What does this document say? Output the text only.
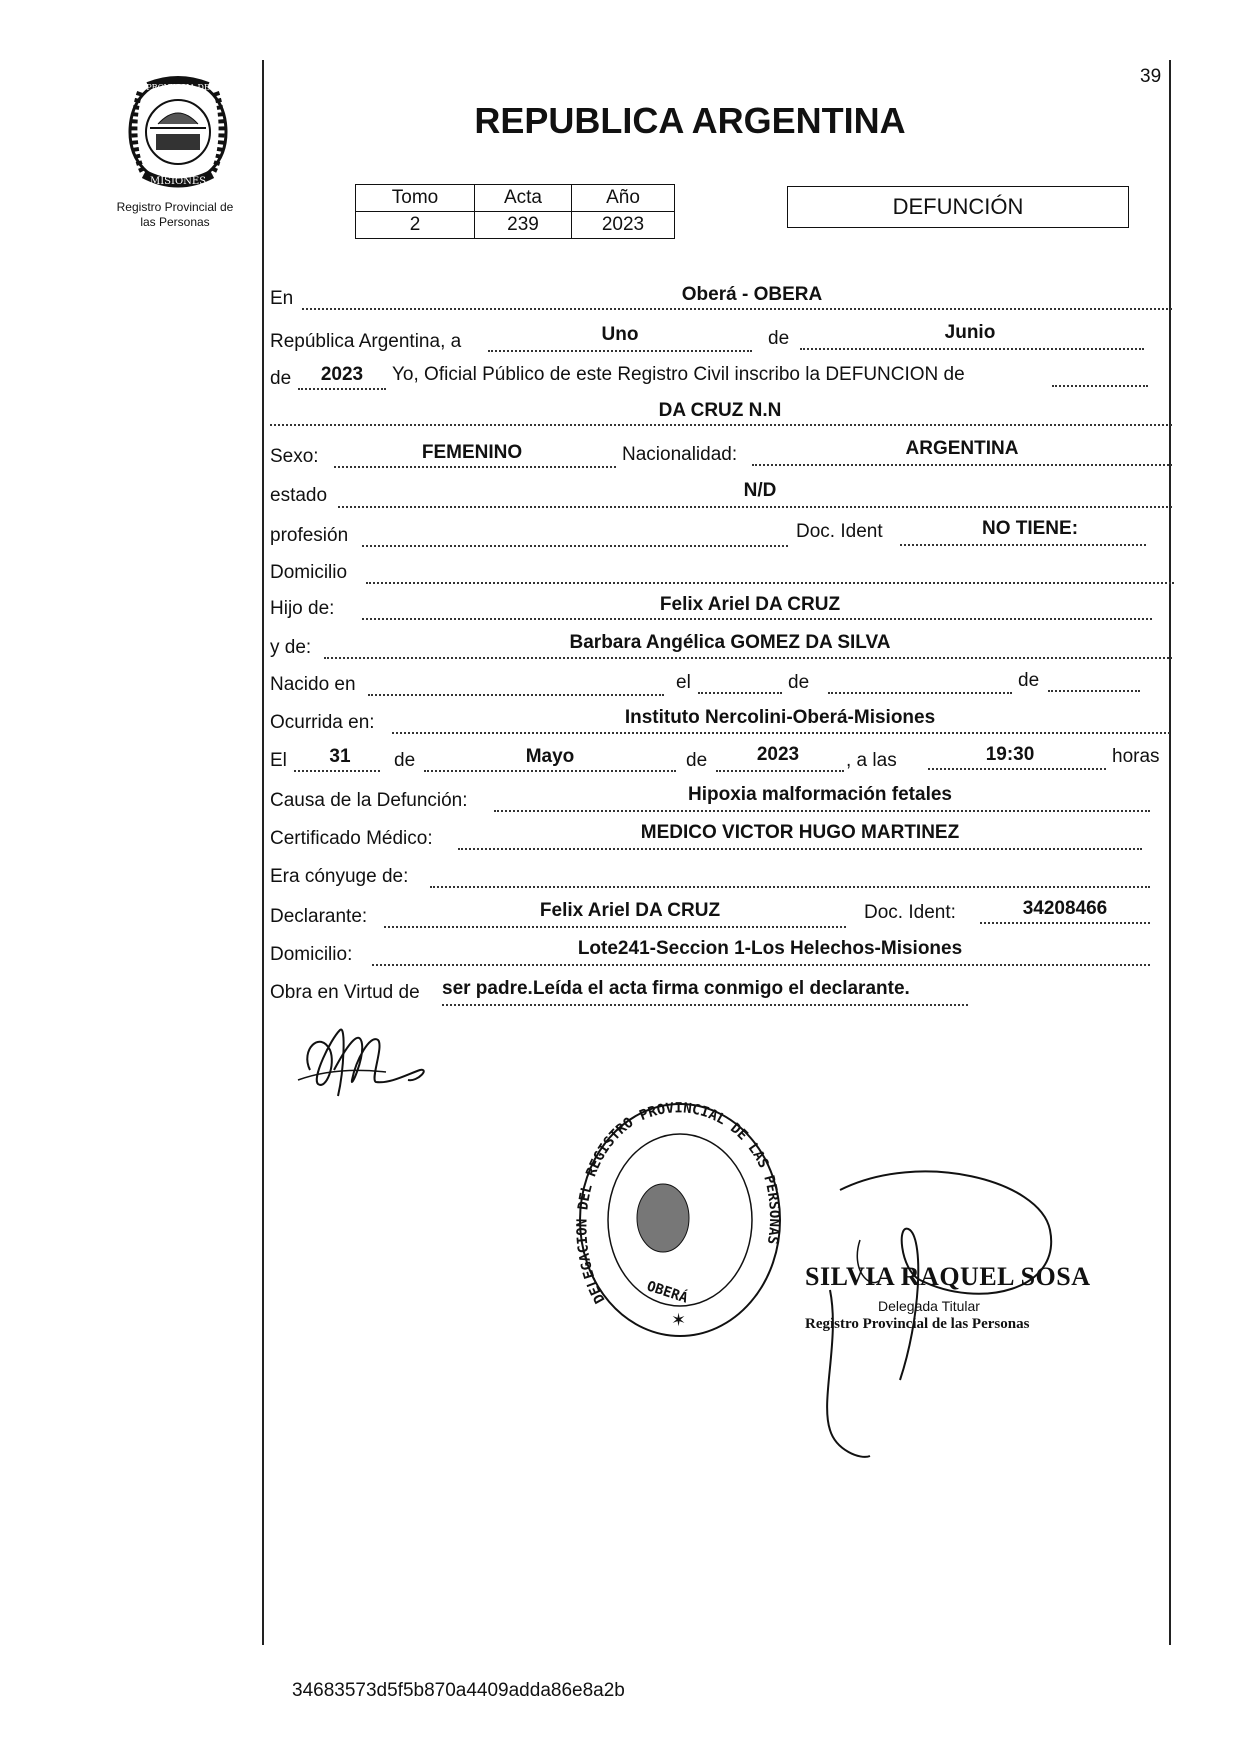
39
PROVINCIA DE
MISIONES
Registro Provincial de
las Personas
REPUBLICA ARGENTINA
Tomo	Acta	Año
2	239	2023
DEFUNCIÓN
En	Oberá - OBERA
República Argentina, a	Uno	de	Junio
de	2023	Yo, Oficial Público de este Registro Civil inscribo la DEFUNCION de
DA CRUZ N.N
Sexo:	FEMENINO	Nacionalidad:	ARGENTINA
estado	N/D
profesión	Doc. Ident	NO TIENE:
Domicilio
Hijo de:	Felix Ariel DA CRUZ
y de:	Barbara Angélica GOMEZ DA SILVA
Nacido en	el	de	de
Ocurrida en:	Instituto Nercolini-Oberá-Misiones
El	31	de	Mayo	de	2023	, a las	19:30	horas
Causa de la Defunción:	Hipoxia malformación fetales
Certificado Médico:	MEDICO VICTOR HUGO MARTINEZ
Era cónyuge de:
Declarante:	Felix Ariel DA CRUZ	Doc. Ident:	34208466
Domicilio:	Lote241-Seccion 1-Los Helechos-Misiones
Obra en Virtud de ser padre.Leída el acta firma conmigo el declarante.
DELEGACION DEL REGISTRO PROVINCIAL DE LAS PERSONAS
OBERÁ
✶
SILVIA RAQUEL SOSA
Delegada Titular
Registro Provincial de las Personas
34683573d5f5b870a4409adda86e8a2b
